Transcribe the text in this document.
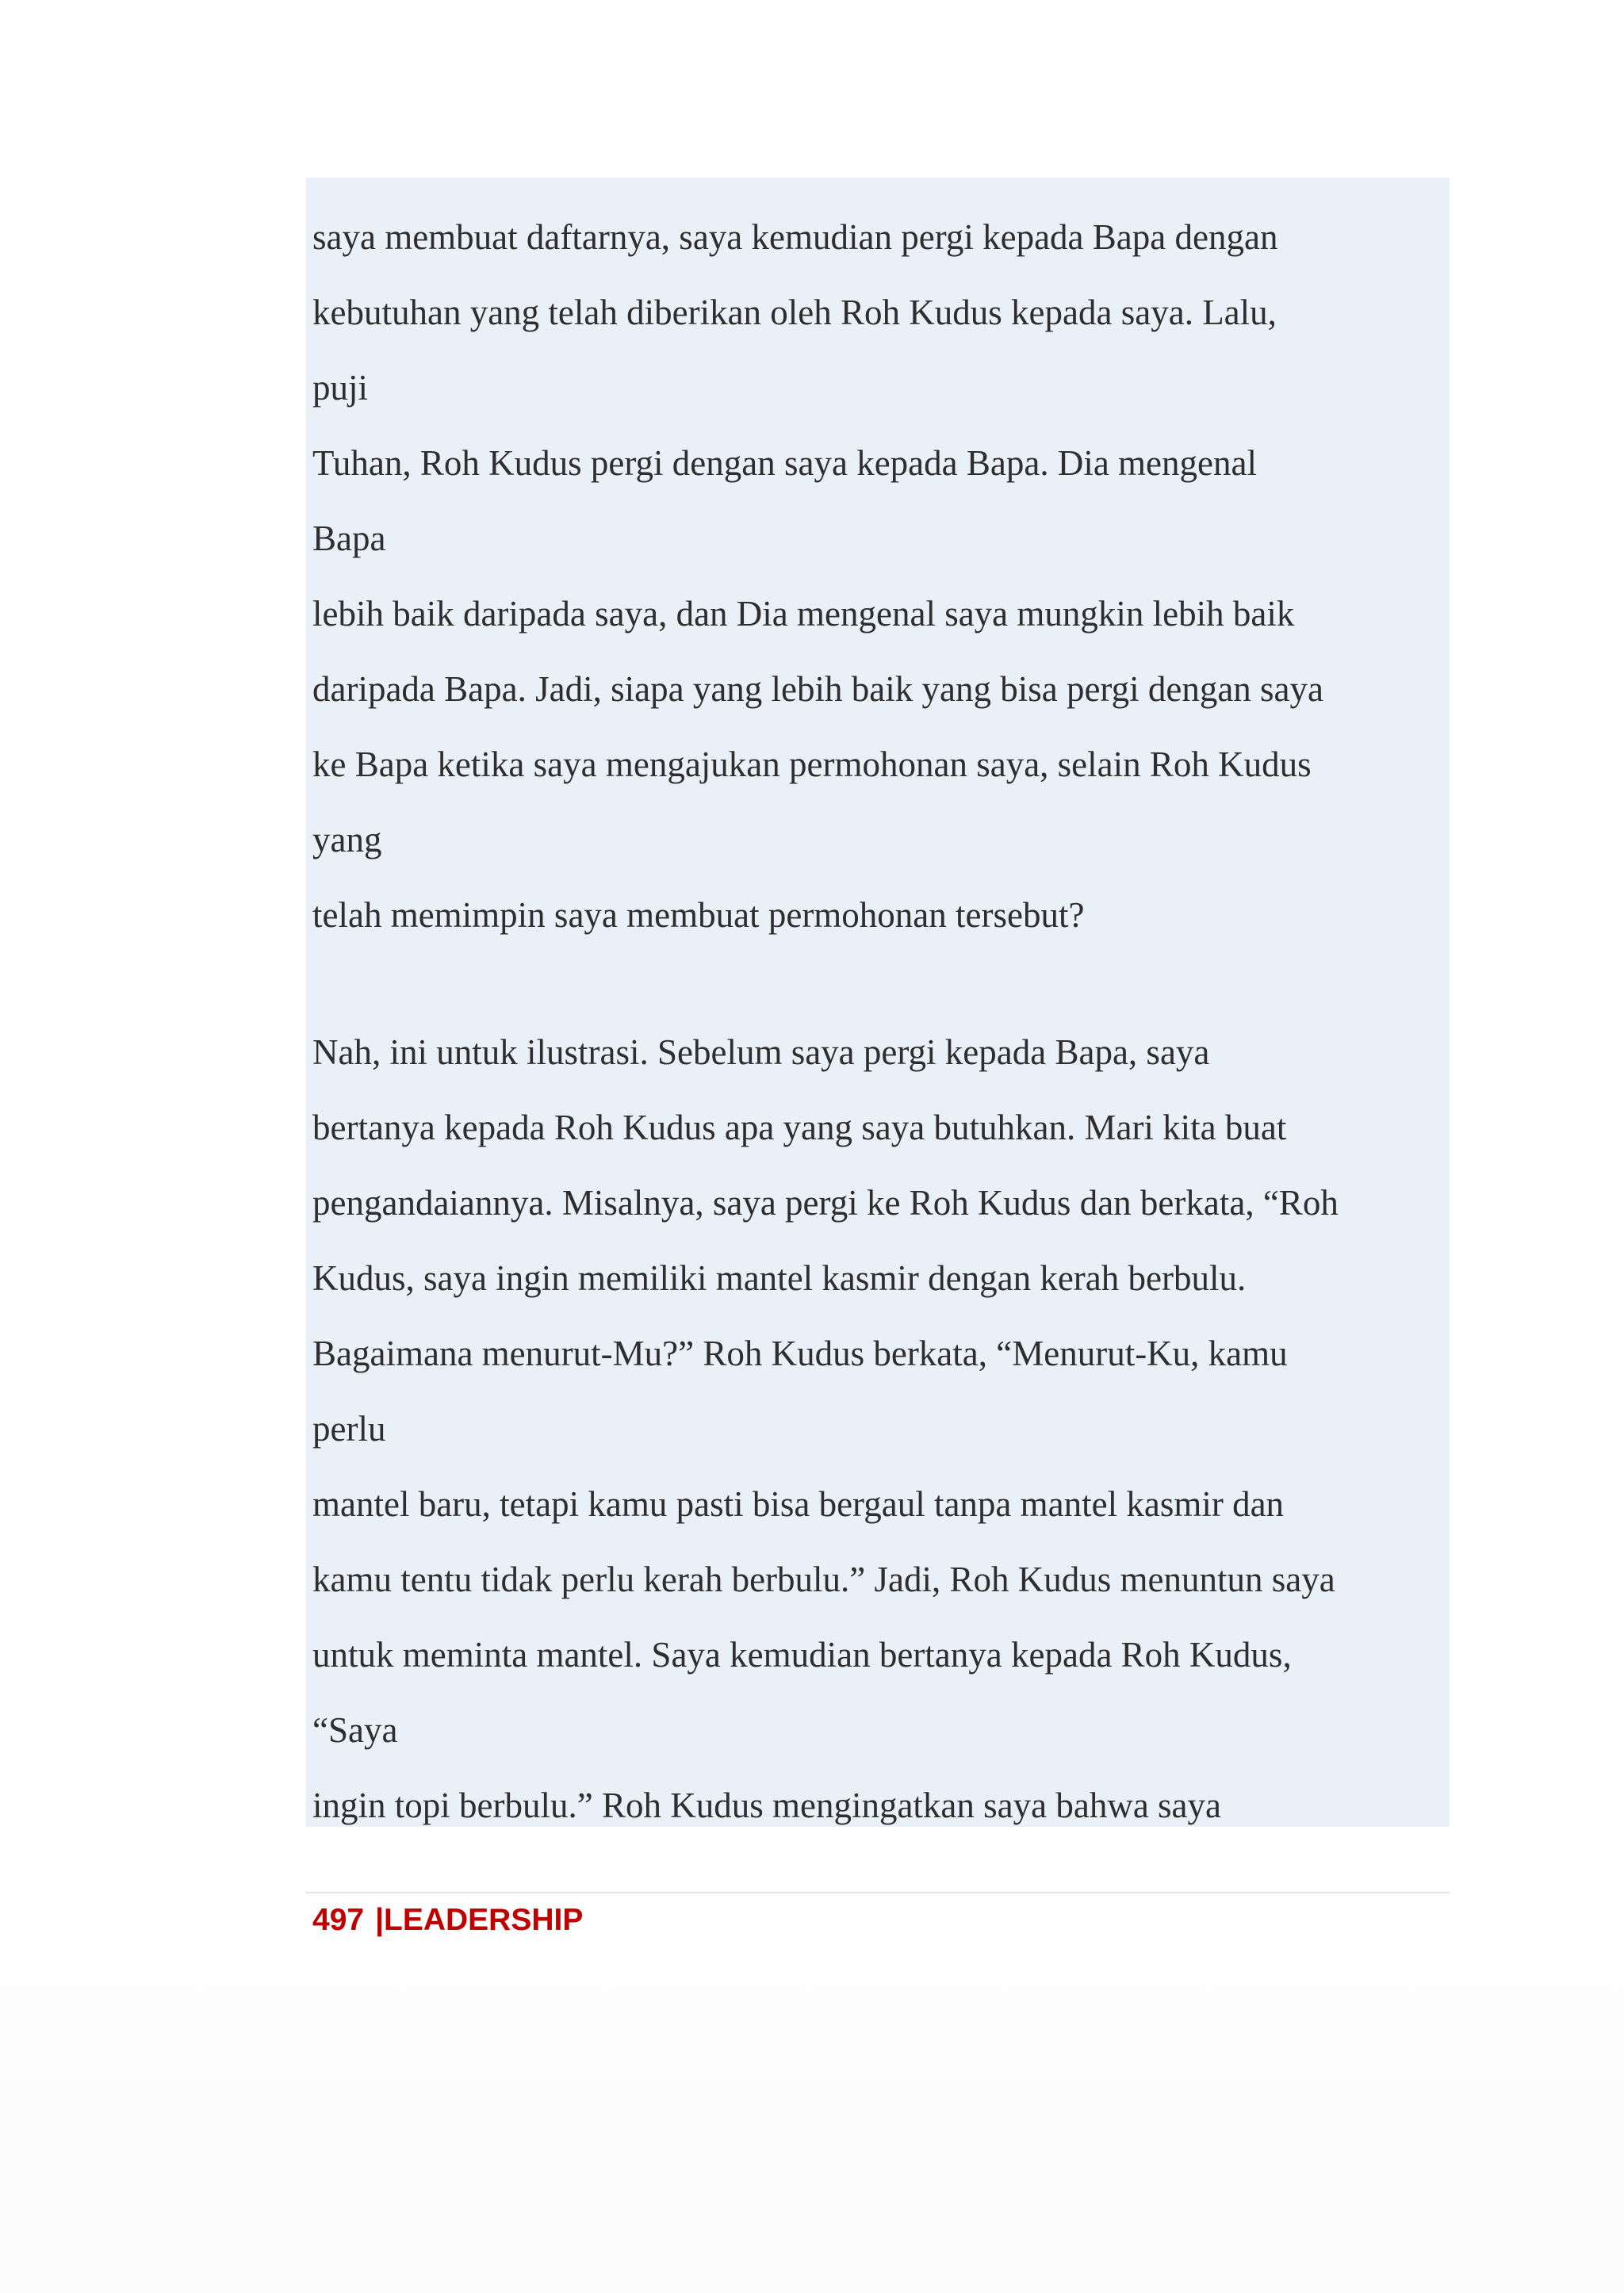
saya membuat daftarnya, saya kemudian pergi kepada Bapa dengan
kebutuhan yang telah diberikan oleh Roh Kudus kepada saya. Lalu,
puji
Tuhan, Roh Kudus pergi dengan saya kepada Bapa. Dia mengenal
Bapa
lebih baik daripada saya, dan Dia mengenal saya mungkin lebih baik
daripada Bapa. Jadi, siapa yang lebih baik yang bisa pergi dengan saya
ke Bapa ketika saya mengajukan permohonan saya, selain Roh Kudus
yang
telah memimpin saya membuat permohonan tersebut?
Nah, ini untuk ilustrasi. Sebelum saya pergi kepada Bapa, saya
bertanya kepada Roh Kudus apa yang saya butuhkan. Mari kita buat
pengandaiannya. Misalnya, saya pergi ke Roh Kudus dan berkata, “Roh
Kudus, saya ingin memiliki mantel kasmir dengan kerah berbulu.
Bagaimana menurut-Mu?” Roh Kudus berkata, “Menurut-Ku, kamu
perlu
mantel baru, tetapi kamu pasti bisa bergaul tanpa mantel kasmir dan
kamu tentu tidak perlu kerah berbulu.” Jadi, Roh Kudus menuntun saya
untuk meminta mantel. Saya kemudian bertanya kepada Roh Kudus,
“Saya
ingin topi berbulu.” Roh Kudus mengingatkan saya bahwa saya
497 |LEADERSHIP
